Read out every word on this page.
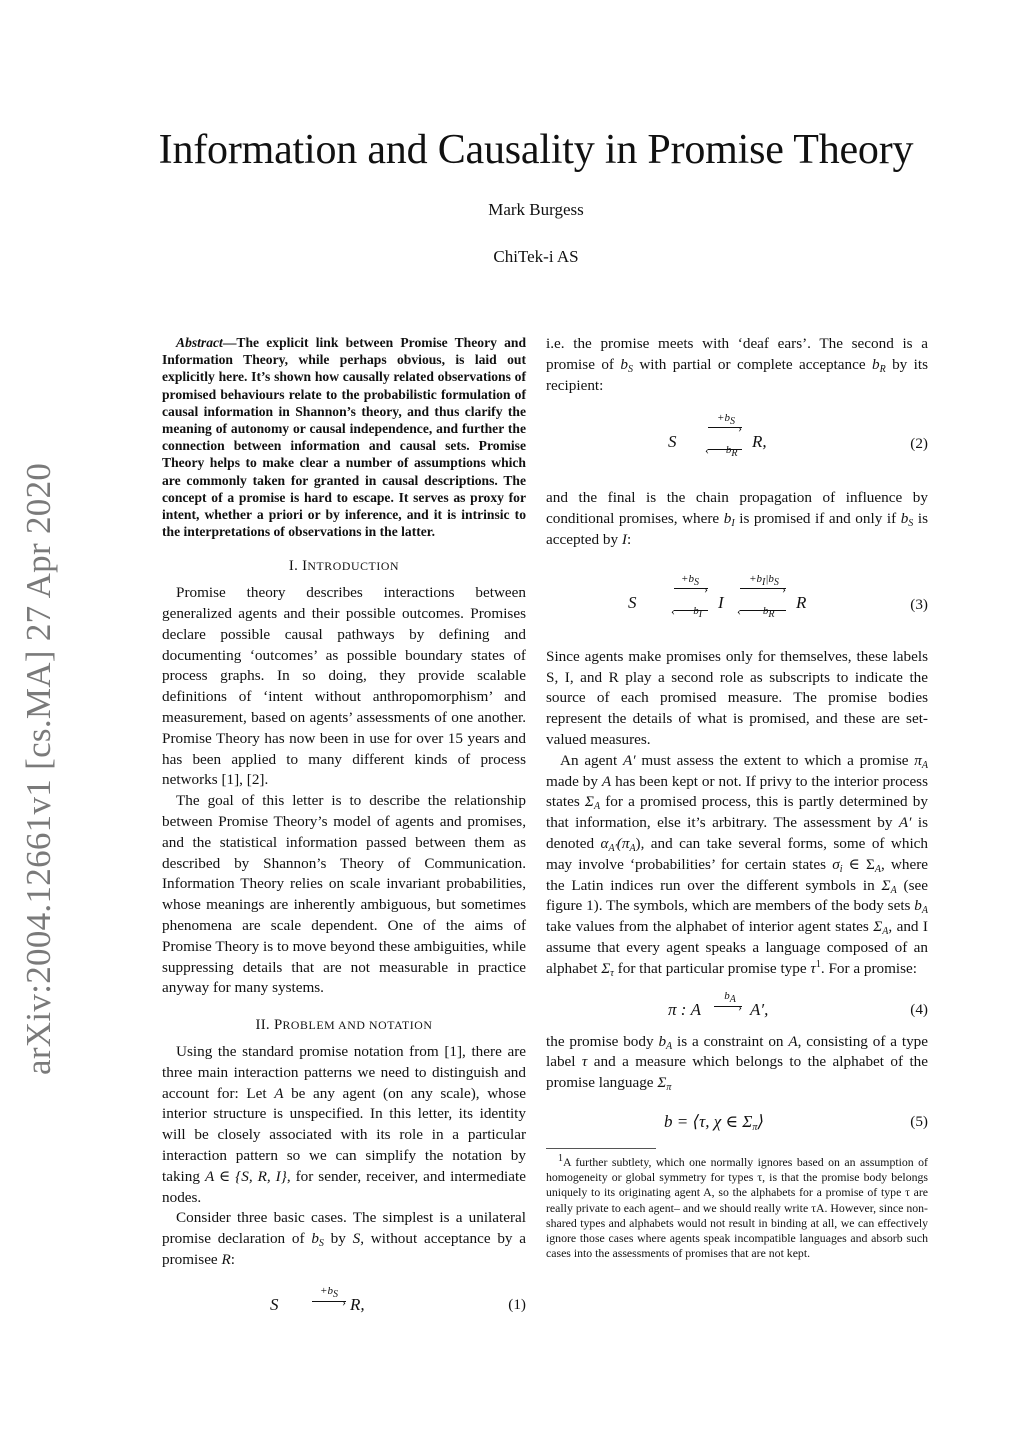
Information and Causality in Promise Theory
Mark Burgess
ChiTek-i AS
arXiv:2004.12661v1 [cs.MA] 27 Apr 2020

Abstract—The explicit link between Promise Theory and Information Theory, while perhaps obvious, is laid out explicitly here. It’s shown how causally related observations of promised behaviours relate to the probabilistic formulation of causal information in Shannon’s theory, and thus clarify the meaning of autonomy or causal independence, and further the connection between information and causal sets. Promise Theory helps to make clear a number of assumptions which are commonly taken for granted in causal descriptions. The concept of a promise is hard to escape. It serves as proxy for intent, whether a priori or by inference, and it is intrinsic to the interpretations of observations in the latter.

I. INTRODUCTION

Promise theory describes interactions between generalized agents and their possible outcomes. Promises declare possible causal pathways by defining and documenting ‘outcomes’ as possible boundary states of process graphs. In so doing, they provide scalable definitions of ‘intent without anthropomorphism’ and measurement, based on agents’ assessments of one another. Promise Theory has now been in use for over 15 years and has been applied to many different kinds of process networks [1], [2].

The goal of this letter is to describe the relationship between Promise Theory’s model of agents and promises, and the statistical information passed between them as described by Shannon’s Theory of Communication. Information Theory relies on scale invariant probabilities, whose meanings are inherently ambiguous, but sometimes phenomena are scale dependent. One of the aims of Promise Theory is to move beyond these ambiguities, while suppressing details that are not measurable in practice anyway for many systems.

II. PROBLEM AND NOTATION

Using the standard promise notation from [1], there are three main interaction patterns we need to distinguish and account for: Let A be any agent (on any scale), whose interior structure is unspecified. In this letter, its identity will be closely associated with its role in a particular interaction pattern so we can simplify the notation by taking A ∈ {S, R, I}, for sender, receiver, and intermediate nodes.

Consider three basic cases. The simplest is a unilateral promise declaration of $b_S$ by S, without acceptance by a promisee R:

S
$+b_S$
› R,	(1)

i.e. the promise meets with ‘deaf ears’. The second is a promise of $b_S$ with partial or complete acceptance $b_R$ by its recipient:

S
$+b_S$ ›
‹ $-b_R$
R,	(2)

and the final is the chain propagation of influence by conditional promises, where $b_I$ is promised if and only if $b_S$ is accepted by I:

S
$+b_S$ ›
‹ $-b_I$
I
$+b_I|b_S$ ›
‹	$-b_R$
R	(3)

Since agents make promises only for themselves, these labels S, I, and R play a second role as subscripts to indicate the source of each promised measure. The promise bodies represent the details of what is promised, and these are set-valued measures.

An agent A′ must assess the extent to which a promise $\pi_A$ made by A has been kept or not. If privy to the interior process states $\Sigma_A$ for a promised process, this is partly determined by that information, else it’s arbitrary. The assessment by A′ is denoted $\alpha_{A'}(\pi_A)$, and can take several forms, some of which may involve ‘probabilities’ for certain states $\sigma_i$ ∈ $\Sigma_A$, where the Latin indices run over the different symbols in $\Sigma_A$ (see figure 1). The symbols, which are members of the body sets $b_A$ take values from the alphabet of interior agent states $\Sigma_A$, and I assume that every agent speaks a language composed of an alphabet $\Sigma_\tau$ for that particular promise type $\tau^1$. For a promise:

π : A
$b_A$
› A′,	(4)

the promise body $b_A$ is a constraint on A, consisting of a type label τ and a measure which belongs to the alphabet of the promise language $\Sigma_\pi$

b = ⟨τ, χ ∈ $\Sigma_\pi⟩$	(5)

$^1$A further subtlety, which one normally ignores based on an assumption of homogeneity or global symmetry for types τ, is that the promise body belongs uniquely to its originating agent A, so the alphabets for a promise of type τ are really private to each agent– and we should really write τA. However, since non-shared types and alphabets would not result in binding at all, we can effectively ignore those cases where agents speak incompatible languages and absorb such cases into the assessments of promises that are not kept.
